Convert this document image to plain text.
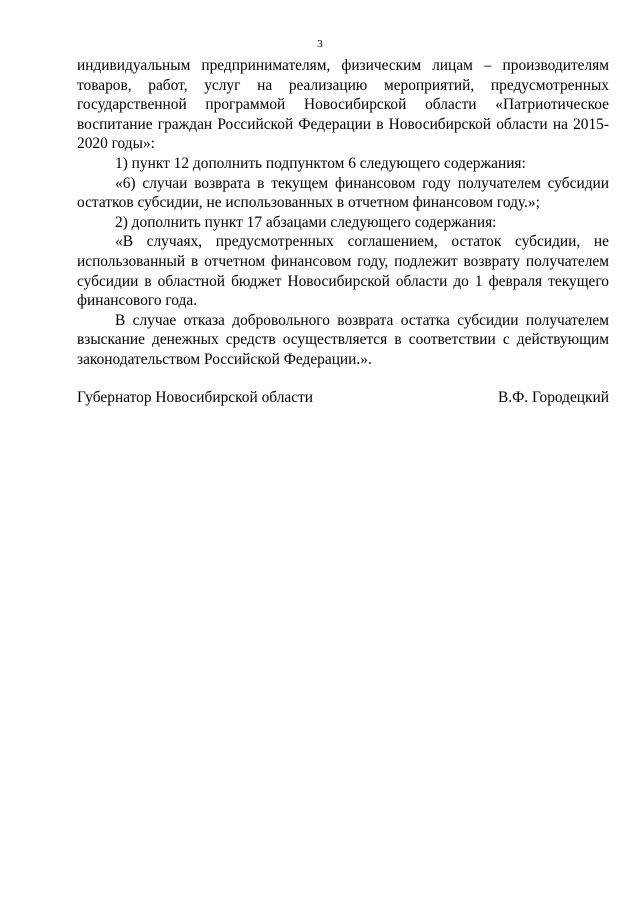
3

индивидуальным предпринимателям, физическим лицам – производителям товаров, работ, услуг на реализацию мероприятий, предусмотренных государственной программой Новосибирской области «Патриотическое воспитание граждан Российской Федерации в Новосибирской области на 2015-2020 годы»:

1) пункт 12 дополнить подпунктом 6 следующего содержания:

«6) случаи возврата в текущем финансовом году получателем субсидии остатков субсидии, не использованных в отчетном финансовом году.»;

2) дополнить пункт 17 абзацами следующего содержания:

«В случаях, предусмотренных соглашением, остаток субсидии, не использованный в отчетном финансовом году, подлежит возврату получателем субсидии в областной бюджет Новосибирской области до 1 февраля текущего финансового года.

В случае отказа добровольного возврата остатка субсидии получателем взыскание денежных средств осуществляется в соответствии с действующим законодательством Российской Федерации.».

Губернатор Новосибирской области	В.Ф. Городецкий
